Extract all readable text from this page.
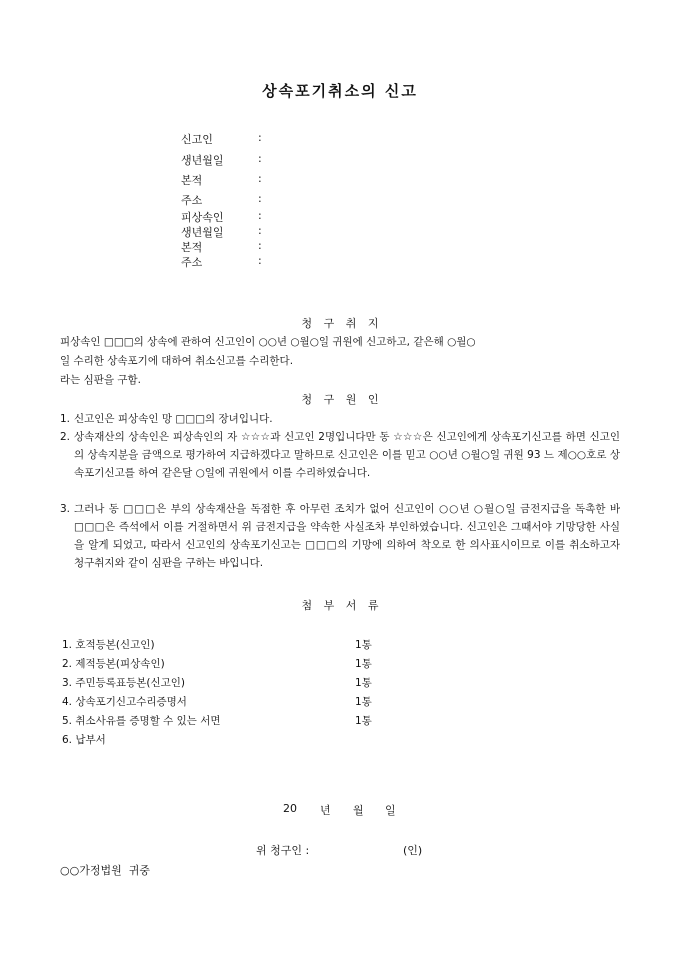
상속포기취소의 신고
신고인	:
생년월일	:
본적	:
주소	:
피상속인	:
생년월일	:
본적	:
주소	:
청 구 취 지
피상속인 □□□의 상속에 관하여 신고인이 ○○년 ○월○일 귀원에 신고하고, 같은해 ○월○
일 수리한 상속포기에 대하여 취소신고를 수리한다.
라는 심판을 구함.
청 구 원 인
1. 신고인은 피상속인 망 □□□의 장녀입니다.
2. 상속재산의 상속인은 피상속인의 자 ☆☆☆과 신고인 2명입니다만 동 ☆☆☆은 신고인에게 상속포기신고를 하면 신고인의 상속지분을 금액으로 평가하여 지급하겠다고 말하므로 신고인은 이를 믿고 ○○년 ○월○일 귀원 93 느 제○○호로 상속포기신고를 하여 같은달 ○일에 귀원에서 이를 수리하였습니다.
3. 그러나 동 □□□은 부의 상속재산을 독점한 후 아무런 조치가 없어 신고인이 ○○년 ○월○일 금전지급을 독촉한 바 □□□은 즉석에서 이를 거절하면서 위 금전지급을 약속한 사실조차 부인하였습니다. 신고인은 그때서야 기망당한 사실을 알게 되었고, 따라서 신고인의 상속포기신고는 □□□의 기망에 의하여 착오로 한 의사표시이므로 이를 취소하고자 청구취지와 같이 심판을 구하는 바입니다.
첨 부 서 류
1. 호적등본(신고인)	1통
2. 제적등본(피상속인)	1통
3. 주민등록표등본(신고인)	1통
4. 상속포기신고수리증명서	1통
5. 취소사유를 증명할 수 있는 서면	1통
6. 납부서
20 년 월 일
위 청구인 :	(인)
○○가정법원  귀중
